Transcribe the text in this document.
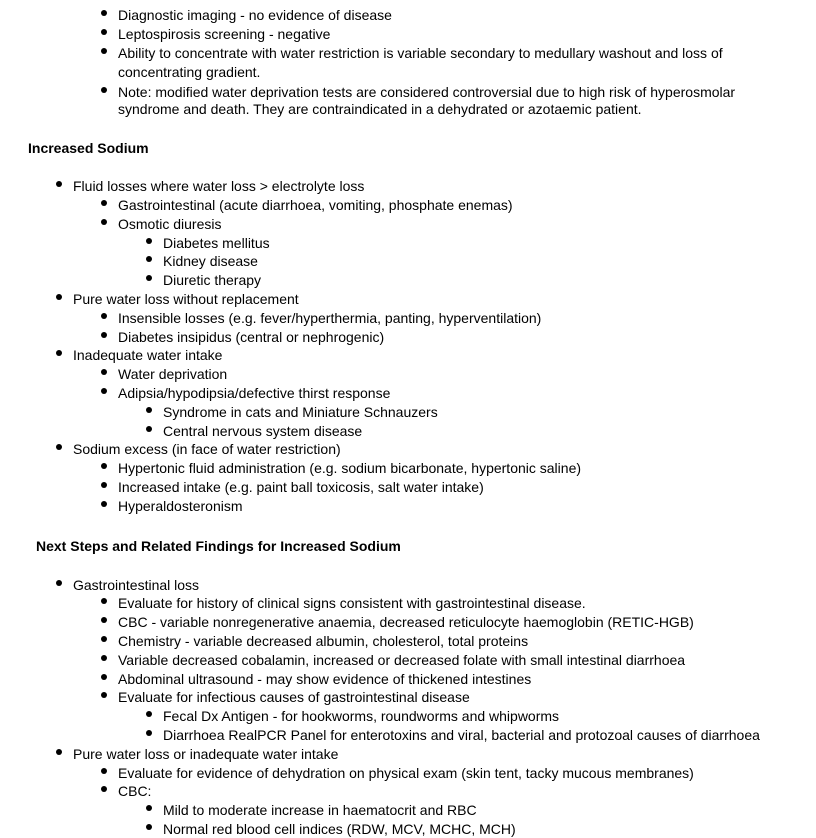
Diagnostic imaging - no evidence of disease
Leptospirosis screening - negative
Ability to concentrate with water restriction is variable secondary to medullary washout and loss of
concentrating gradient.
Note: modified water deprivation tests are considered controversial due to high risk of hyperosmolar
syndrome and death. They are contraindicated in a dehydrated or azotaemic patient.
Increased Sodium
Fluid losses where water loss > electrolyte loss
Gastrointestinal (acute diarrhoea, vomiting, phosphate enemas)
Osmotic diuresis
Diabetes mellitus
Kidney disease
Diuretic therapy
Pure water loss without replacement
Insensible losses (e.g. fever/hyperthermia, panting, hyperventilation)
Diabetes insipidus (central or nephrogenic)
Inadequate water intake
Water deprivation
Adipsia/hypodipsia/defective thirst response
Syndrome in cats and Miniature Schnauzers
Central nervous system disease
Sodium excess (in face of water restriction)
Hypertonic fluid administration (e.g. sodium bicarbonate, hypertonic saline)
Increased intake (e.g. paint ball toxicosis, salt water intake)
Hyperaldosteronism
Next Steps and Related Findings for Increased Sodium
Gastrointestinal loss
Evaluate for history of clinical signs consistent with gastrointestinal disease.
CBC - variable nonregenerative anaemia, decreased reticulocyte haemoglobin (RETIC-HGB)
Chemistry - variable decreased albumin, cholesterol, total proteins
Variable decreased cobalamin, increased or decreased folate with small intestinal diarrhoea
Abdominal ultrasound - may show evidence of thickened intestines
Evaluate for infectious causes of gastrointestinal disease
Fecal Dx Antigen - for hookworms, roundworms and whipworms
Diarrhoea RealPCR Panel for enterotoxins and viral, bacterial and protozoal causes of diarrhoea
Pure water loss or inadequate water intake
Evaluate for evidence of dehydration on physical exam (skin tent, tacky mucous membranes)
CBC:
Mild to moderate increase in haematocrit and RBC
Normal red blood cell indices (RDW, MCV, MCHC, MCH)
